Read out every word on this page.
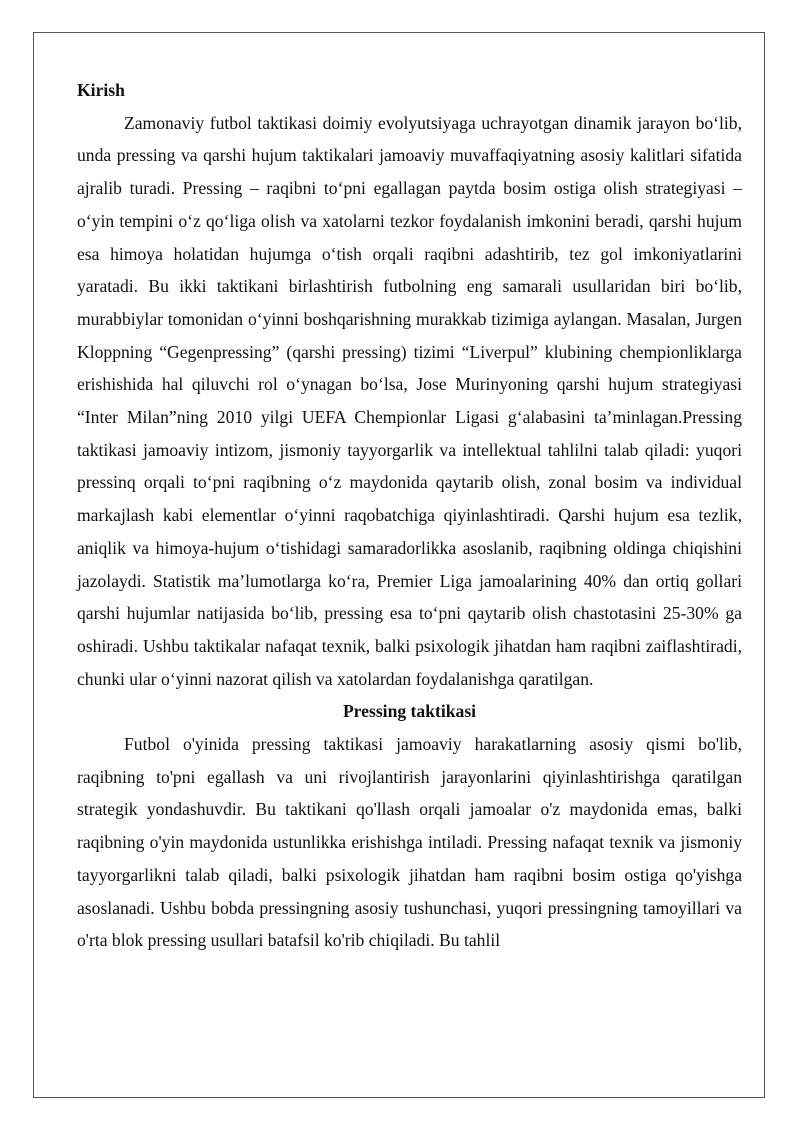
Kirish

Zamonaviy futbol taktikasi doimiy evolyutsiyaga uchrayotgan dinamik jarayon bo‘lib, unda pressing va qarshi hujum taktikalari jamoaviy muvaffaqiyatning asosiy kalitlari sifatida ajralib turadi. Pressing – raqibni to‘pni egallagan paytda bosim ostiga olish strategiyasi – o‘yin tempini o‘z qo‘liga olish va xatolarni tezkor foydalanish imkonini beradi, qarshi hujum esa himoya holatidan hujumga o‘tish orqali raqibni adashtirib, tez gol imkoniyatlarini yaratadi. Bu ikki taktikani birlashtirish futbolning eng samarali usullaridan biri bo‘lib, murabbiylar tomonidan o‘yinni boshqarishning murakkab tizimiga aylangan. Masalan, Jurgen Kloppning “Gegenpressing” (qarshi pressing) tizimi “Liverpul” klubining chempionliklarga erishishida hal qiluvchi rol o‘ynagan bo‘lsa, Jose Murinyoning qarshi hujum strategiyasi “Inter Milan”ning 2010 yilgi UEFA Chempionlar Ligasi g‘alabasini ta’minlagan.Pressing taktikasi jamoaviy intizom, jismoniy tayyorgarlik va intellektual tahlilni talab qiladi: yuqori pressinq orqali to‘pni raqibning o‘z maydonida qaytarib olish, zonal bosim va individual markajlash kabi elementlar o‘yinni raqobatchiga qiyinlashtiradi. Qarshi hujum esa tezlik, aniqlik va himoya-hujum o‘tishidagi samaradorlikka asoslanib, raqibning oldinga chiqishini jazolaydi. Statistik ma’lumotlarga ko‘ra, Premier Liga jamoalarining 40% dan ortiq gollari qarshi hujumlar natijasida bo‘lib, pressing esa to‘pni qaytarib olish chastotasini 25-30% ga oshiradi. Ushbu taktikalar nafaqat texnik, balki psixologik jihatdan ham raqibni zaiflashtiradi, chunki ular o‘yinni nazorat qilish va xatolardan foydalanishga qaratilgan.

Pressing taktikasi

Futbol o'yinida pressing taktikasi jamoaviy harakatlarning asosiy qismi bo'lib, raqibning to'pni egallash va uni rivojlantirish jarayonlarini qiyinlashtirishga qaratilgan strategik yondashuvdir. Bu taktikani qo'llash orqali jamoalar o'z maydonida emas, balki raqibning o'yin maydonida ustunlikka erishishga intiladi. Pressing nafaqat texnik va jismoniy tayyorgarlikni talab qiladi, balki psixologik jihatdan ham raqibni bosim ostiga qo'yishga asoslanadi. Ushbu bobda pressingning asosiy tushunchasi, yuqori pressingning tamoyillari va o'rta blok pressing usullari batafsil ko'rib chiqiladi. Bu tahlil
